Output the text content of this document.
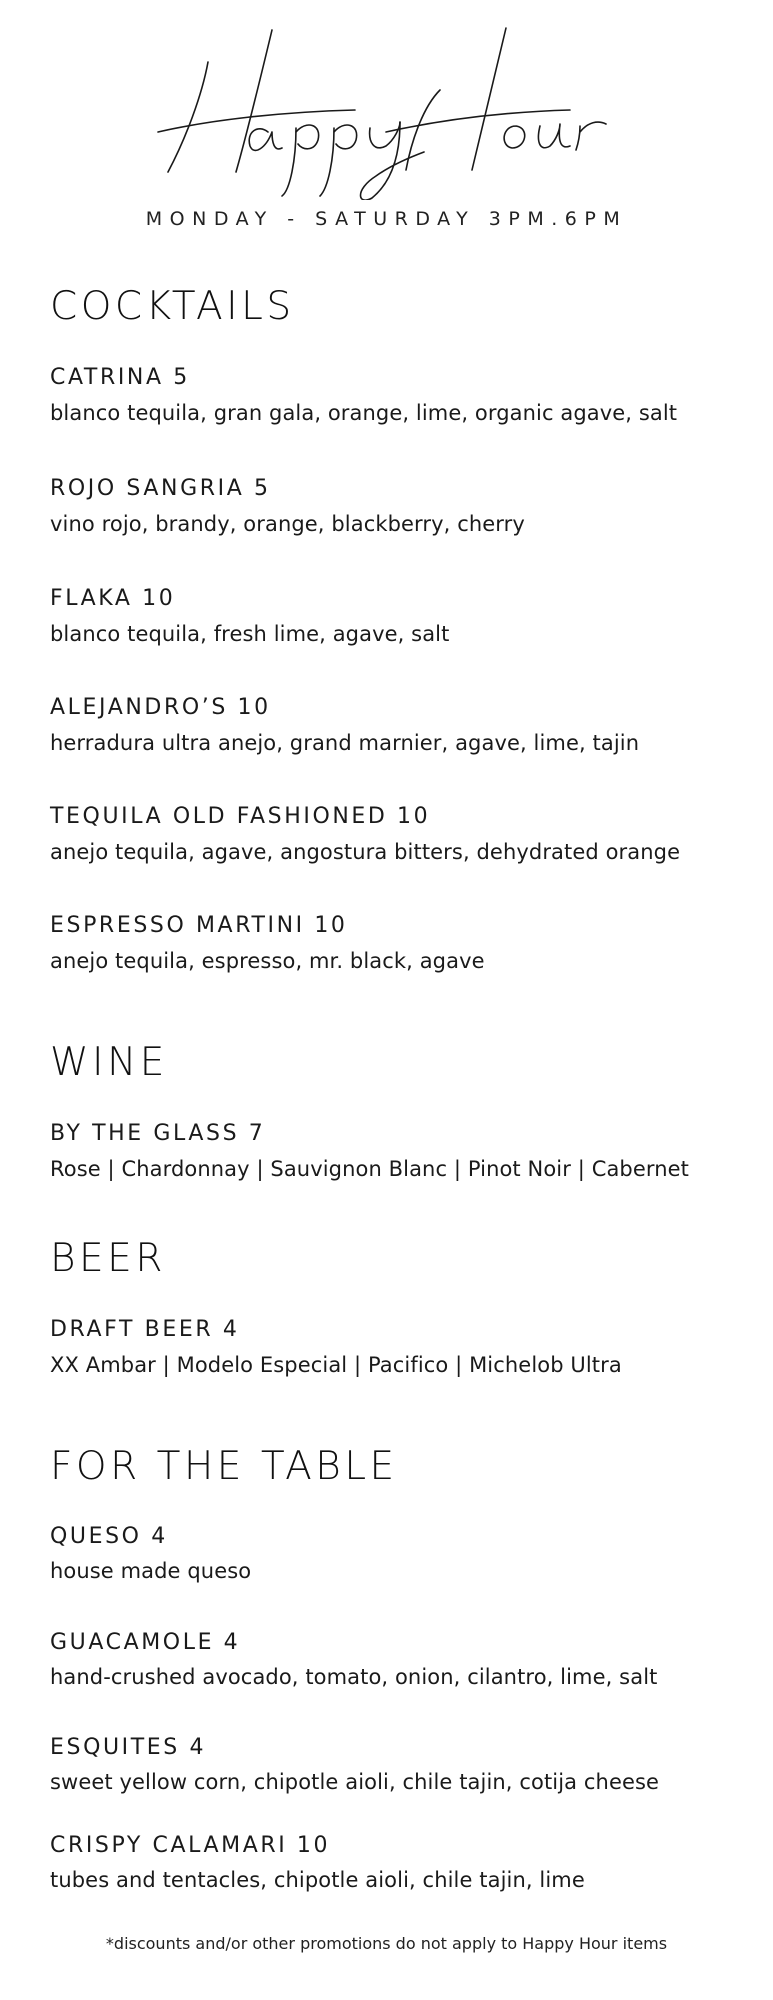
MONDAY - SATURDAY 3PM.6PM
COCKTAILS
CATRINA 5
blanco tequila, gran gala, orange, lime, organic agave, salt
ROJO SANGRIA 5
vino rojo, brandy, orange, blackberry, cherry
FLAKA 10
blanco tequila, fresh lime, agave, salt
ALEJANDRO’S 10
herradura ultra anejo, grand marnier, agave, lime, tajin
TEQUILA OLD FASHIONED 10
anejo tequila, agave, angostura bitters, dehydrated orange
ESPRESSO MARTINI 10
anejo tequila, espresso, mr. black, agave
WINE
BY THE GLASS 7
Rose | Chardonnay | Sauvignon Blanc | Pinot Noir | Cabernet
BEER
DRAFT BEER 4
XX Ambar | Modelo Especial | Pacifico | Michelob Ultra
FOR THE TABLE
QUESO 4
house made queso
GUACAMOLE 4
hand-crushed avocado, tomato, onion, cilantro, lime, salt
ESQUITES 4
sweet yellow corn, chipotle aioli, chile tajin, cotija cheese
CRISPY CALAMARI 10
tubes and tentacles, chipotle aioli, chile tajin, lime
*discounts and/or other promotions do not apply to Happy Hour items
